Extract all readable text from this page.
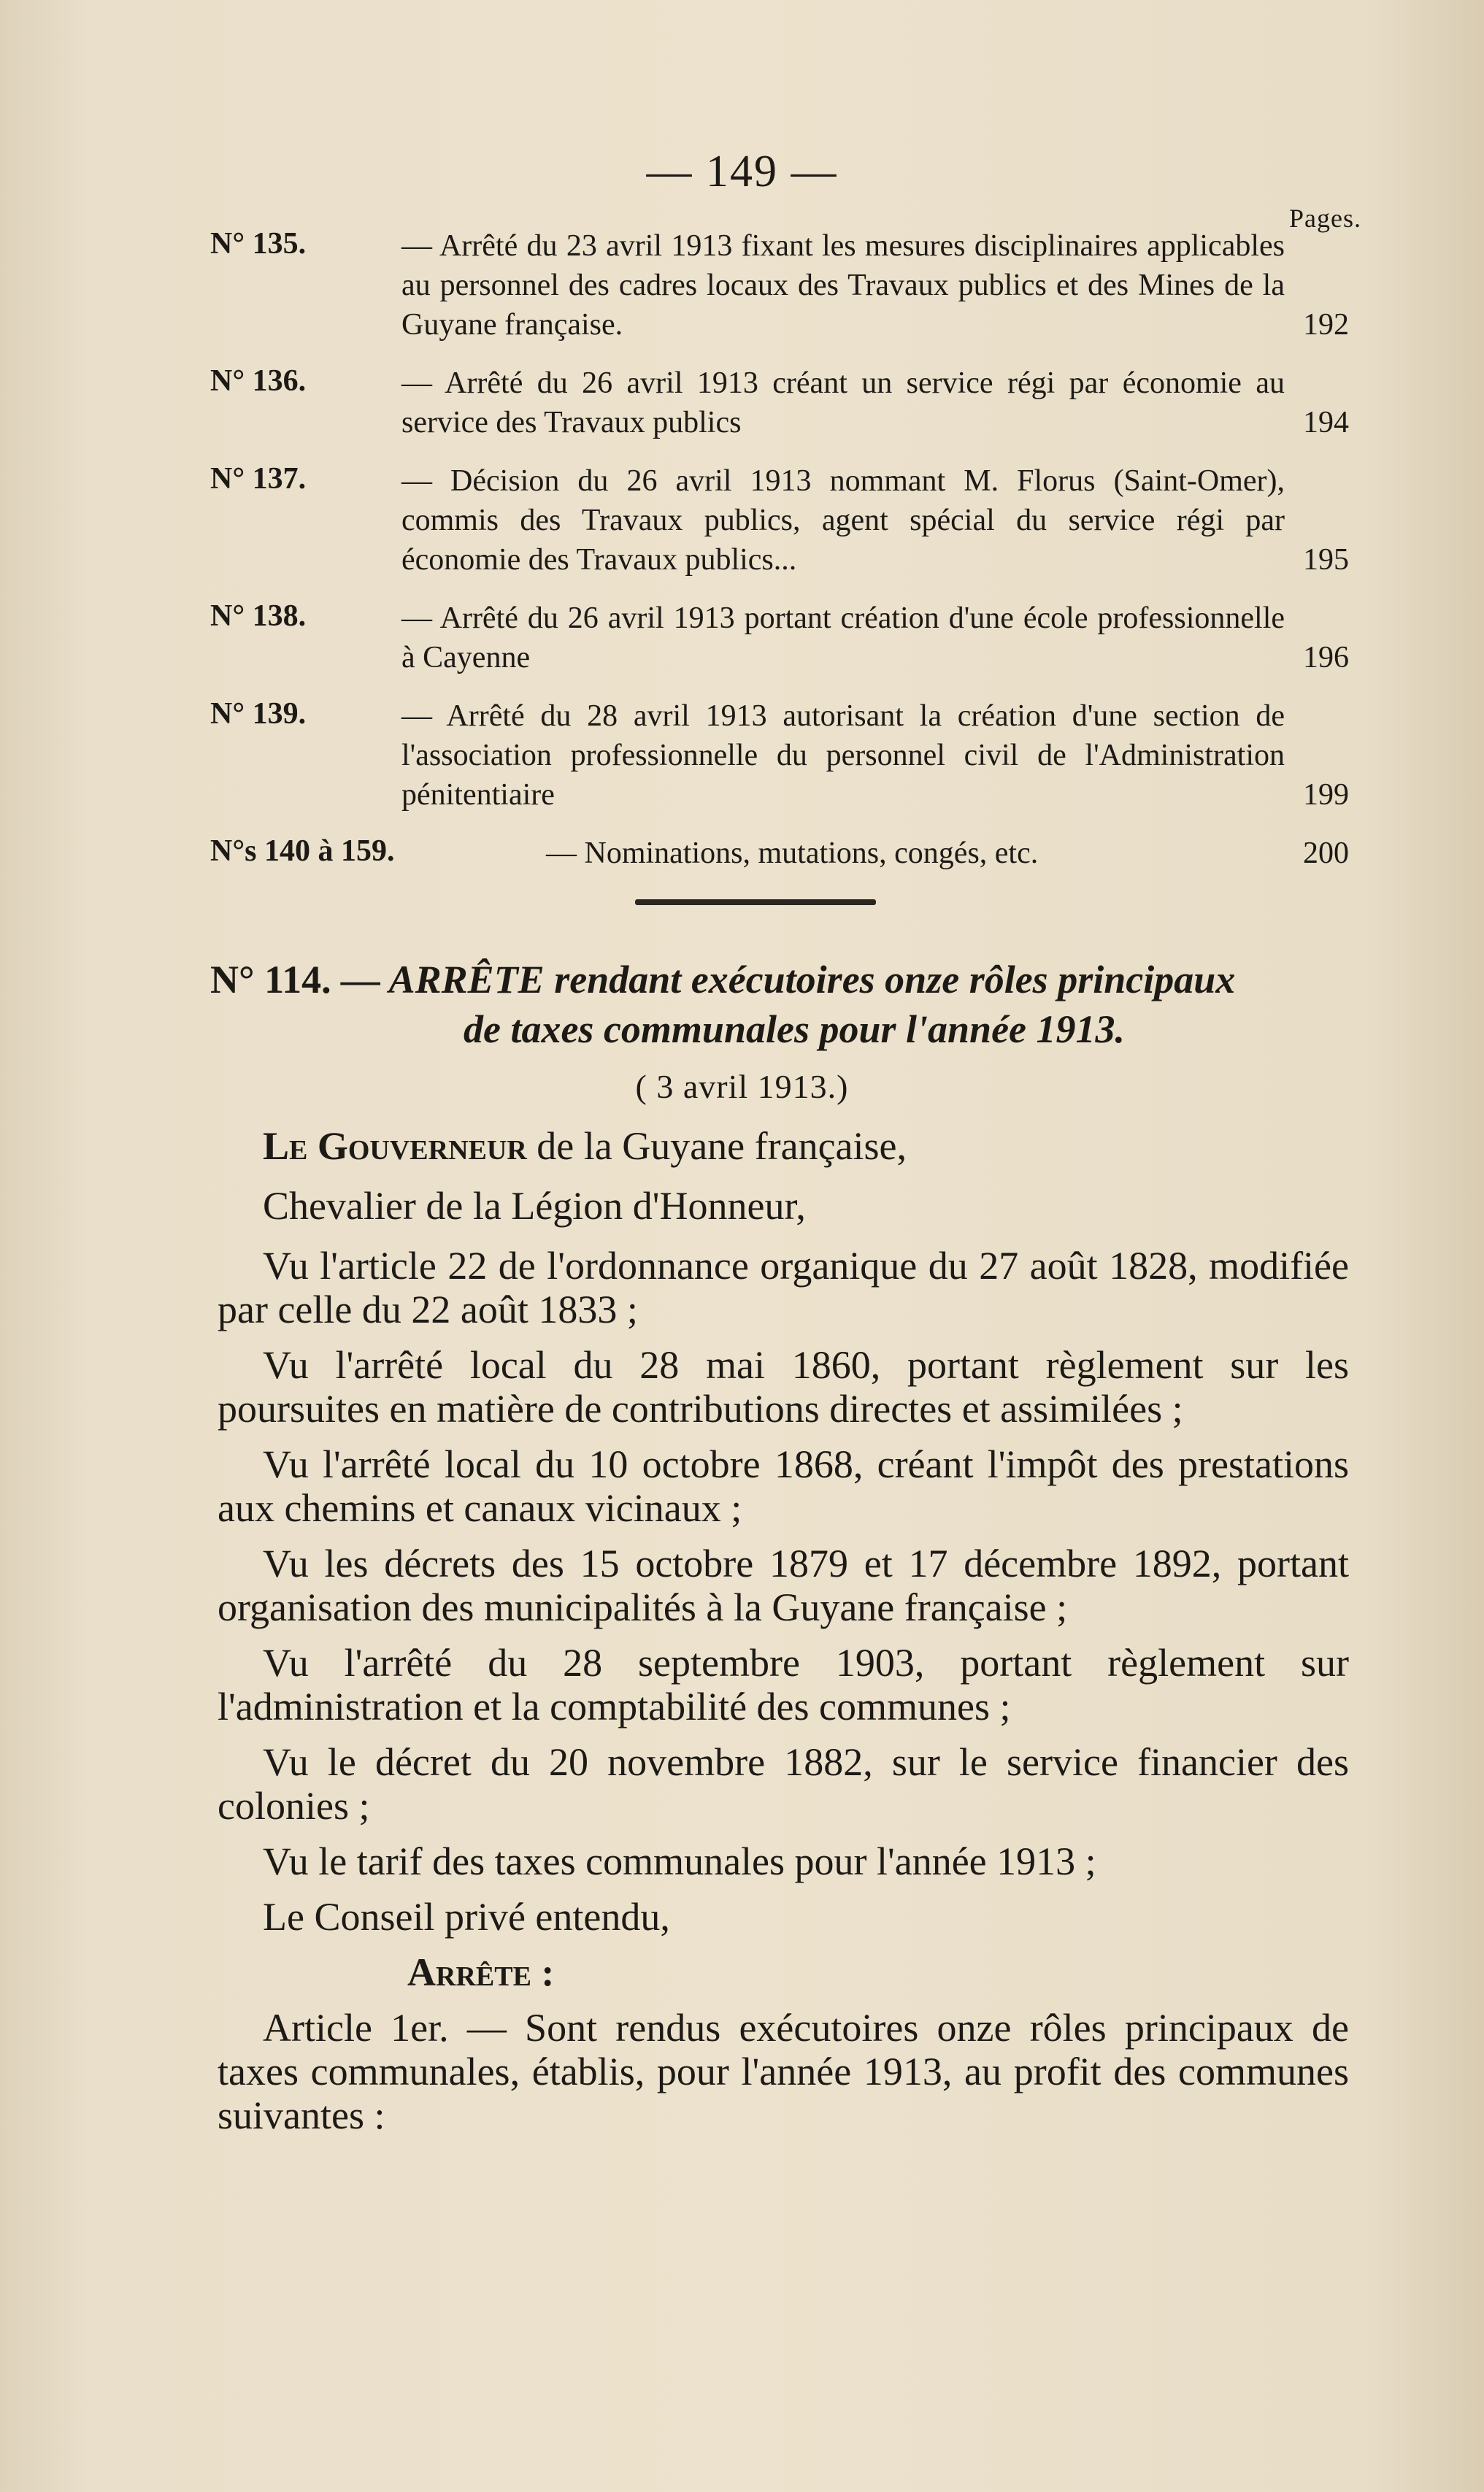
— 149 —
Pages.
N° 135.	— Arrêté du 23 avril 1913 fixant les mesures disciplinaires applicables au personnel des cadres locaux des Travaux publics et des Mines de la Guyane française.	192
N° 136.	— Arrêté du 26 avril 1913 créant un service régi par économie au service des Travaux publics	194
N° 137.	— Décision du 26 avril 1913 nommant M. Florus (Saint-Omer), commis des Travaux publics, agent spécial du service régi par économie des Travaux publics...	195
N° 138.	— Arrêté du 26 avril 1913 portant création d'une école professionnelle à Cayenne	196
N° 139.	— Arrêté du 28 avril 1913 autorisant la création d'une section de l'association professionnelle du personnel civil de l'Administration pénitentiaire	199
N°s 140 à 159.	— Nominations, mutations, congés, etc.	200
N° 114. — ARRÊTE rendant exécutoires onze rôles principaux
de taxes communales pour l'année 1913.
( 3 avril 1913.)

Le Gouverneur de la Guyane française,

Chevalier de la Légion d'Honneur,

Vu l'article 22 de l'ordonnance organique du 27 août 1828, modifiée par celle du 22 août 1833 ;

Vu l'arrêté local du 28 mai 1860, portant règlement sur les poursuites en matière de contributions directes et assimilées ;

Vu l'arrêté local du 10 octobre 1868, créant l'impôt des prestations aux chemins et canaux vicinaux ;

Vu les décrets des 15 octobre 1879 et 17 décembre 1892, portant organisation des municipalités à la Guyane française ;

Vu l'arrêté du 28 septembre 1903, portant règlement sur l'administration et la comptabilité des communes ;

Vu le décret du 20 novembre 1882, sur le service financier des colonies ;

Vu le tarif des taxes communales pour l'année 1913 ;

Le Conseil privé entendu,

Arrête :

Article 1er. — Sont rendus exécutoires onze rôles principaux de taxes communales, établis, pour l'année 1913, au profit des communes suivantes :
